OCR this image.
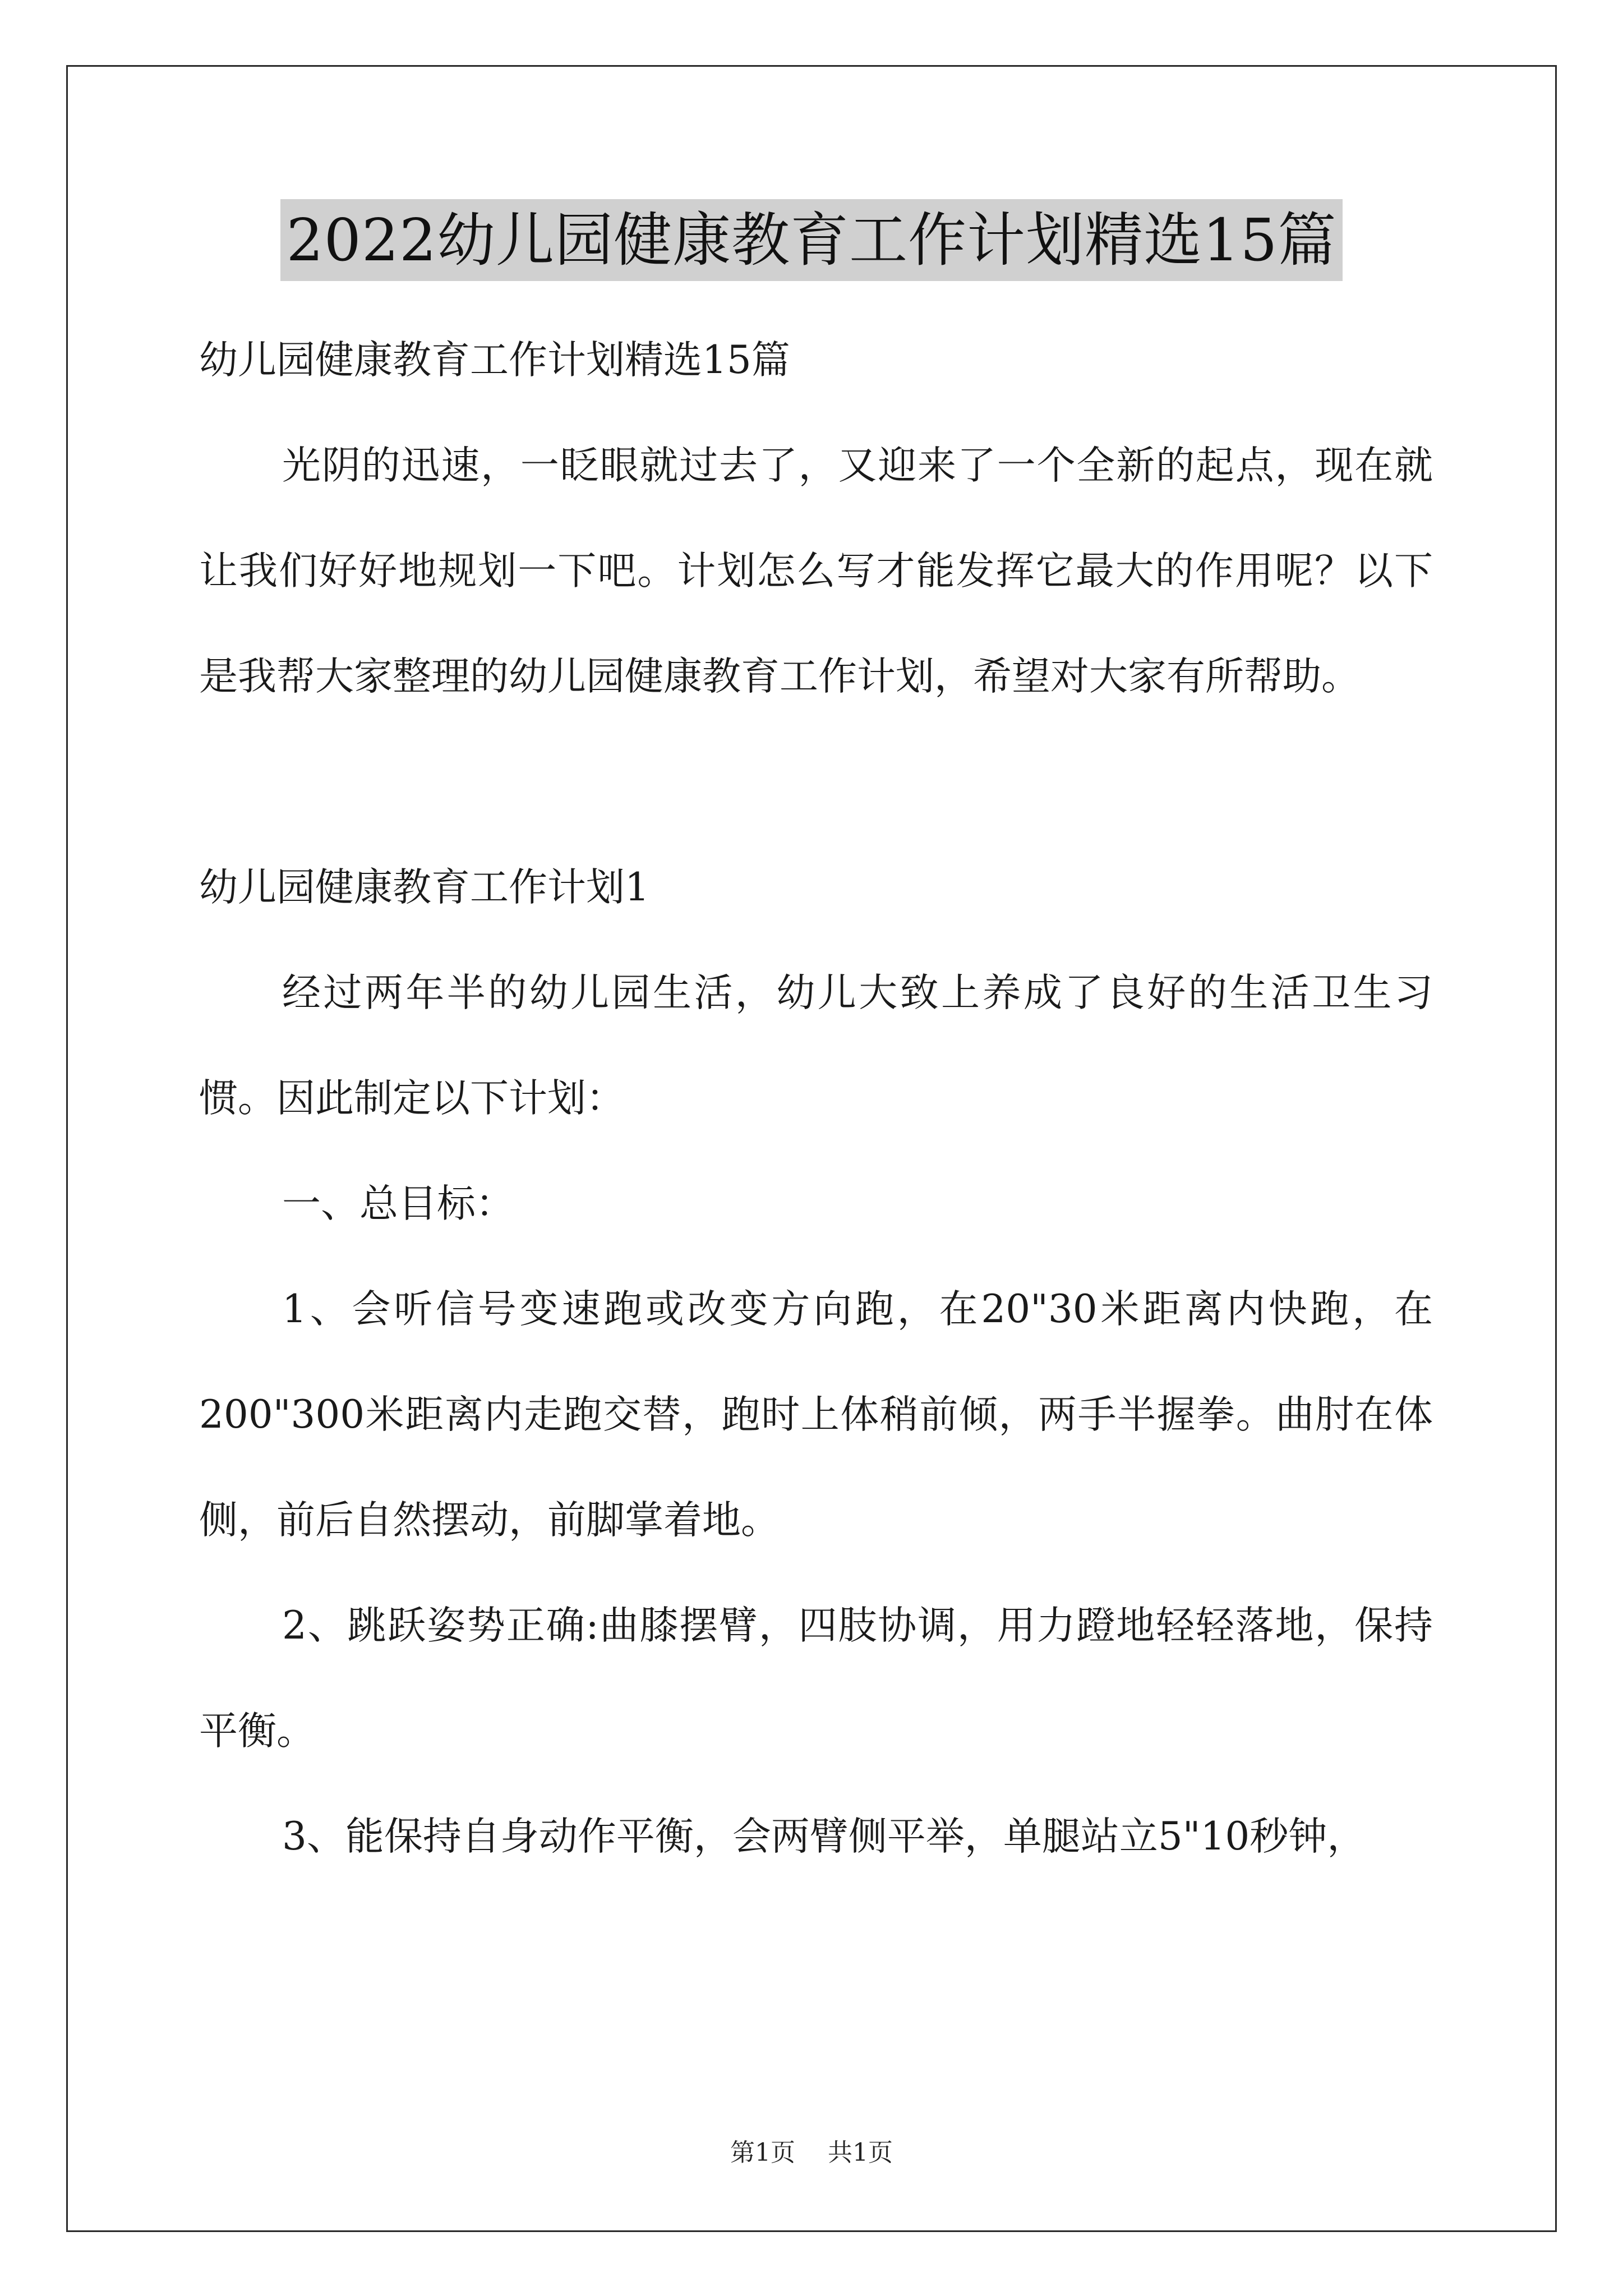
2022幼儿园健康教育工作计划精选15篇

幼儿园健康教育工作计划精选15篇

光阴的迅速，一眨眼就过去了，又迎来了一个全新的起点，现在就让我们好好地规划一下吧。计划怎么写才能发挥它最大的作用呢？以下是我帮大家整理的幼儿园健康教育工作计划，希望对大家有所帮助。

幼儿园健康教育工作计划1

经过两年半的幼儿园生活，幼儿大致上养成了良好的生活卫生习惯。因此制定以下计划：

一、总目标：

1、会听信号变速跑或改变方向跑，在20"30米距离内快跑，在200"300米距离内走跑交替，跑时上体稍前倾，两手半握拳。曲肘在体侧，前后自然摆动，前脚掌着地。

2、跳跃姿势正确:曲膝摆臂，四肢协调，用力蹬地轻轻落地，保持平衡。

3、能保持自身动作平衡，会两臂侧平举，单腿站立5"10秒钟，

第1页 共1页
